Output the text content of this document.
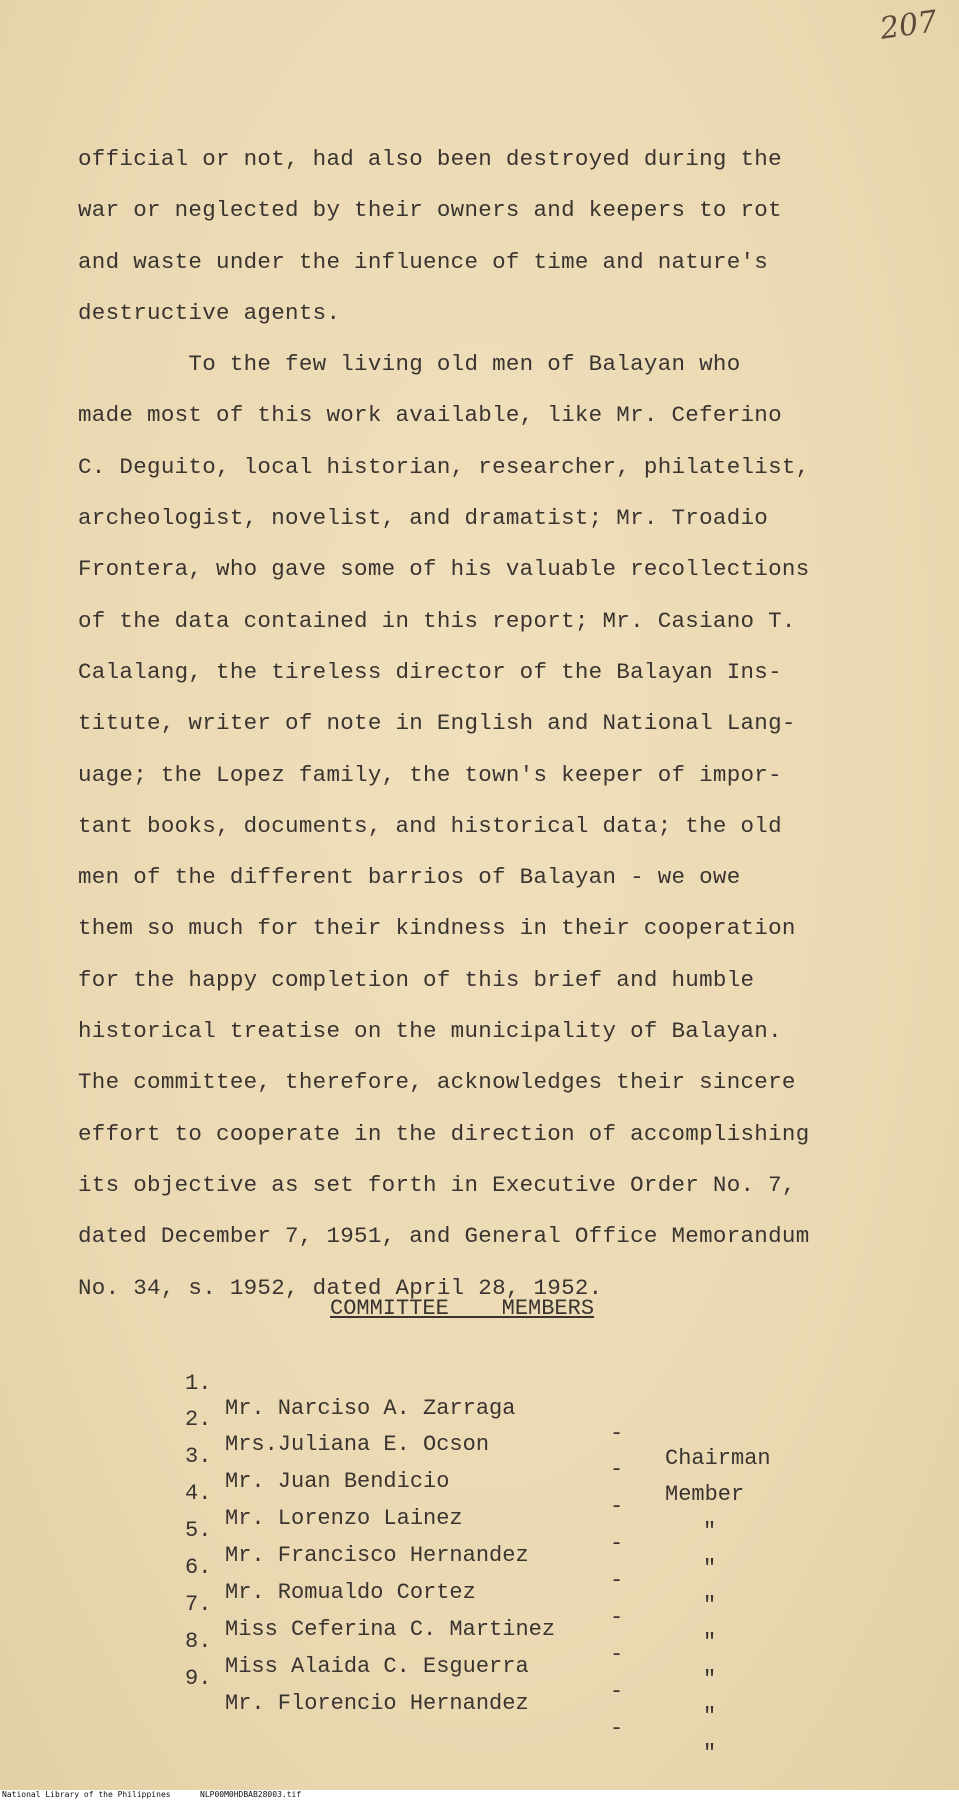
207
official or not, had also been destroyed during the
war or neglected by their owners and keepers to rot
and waste under the influence of time and nature's
destructive agents.
To the few living old men of Balayan who
made most of this work available, like Mr. Ceferino
C. Deguito, local historian, researcher, philatelist,
archeologist, novelist, and dramatist; Mr. Troadio
Frontera, who gave some of his valuable recollections
of the data contained in this report; Mr. Casiano T.
Calalang, the tireless director of the Balayan Ins-
titute, writer of note in English and National Lang-
uage; the Lopez family, the town's keeper of impor-
tant books, documents, and historical data; the old
men of the different barrios of Balayan - we owe
them so much for their kindness in their cooperation
for the happy completion of this brief and humble
historical treatise on the municipality of Balayan.
The committee, therefore, acknowledges their sincere
effort to cooperate in the direction of accomplishing
its objective as set forth in Executive Order No. 7,
dated December 7, 1951, and General Office Memorandum
No. 34, s. 1952, dated April 28, 1952.
COMMITTEE    MEMBERS

1.

Mr. Narciso A. Zarraga

-

Chairman

2.

Mrs.Juliana E. Ocson

-

Member

3.

Mr. Juan Bendicio

-

"

4.

Mr. Lorenzo Lainez

-

"

5.

Mr. Francisco Hernandez

-

"

6.

Mr. Romualdo Cortez

-

"

7.

Miss Ceferina C. Martinez

-

"

8.

Miss Alaida C. Esguerra

-

"

9.

Mr. Florencio Hernandez

-

"

National Library of the Philippines	NLP00M0HDBAB28003.tif
